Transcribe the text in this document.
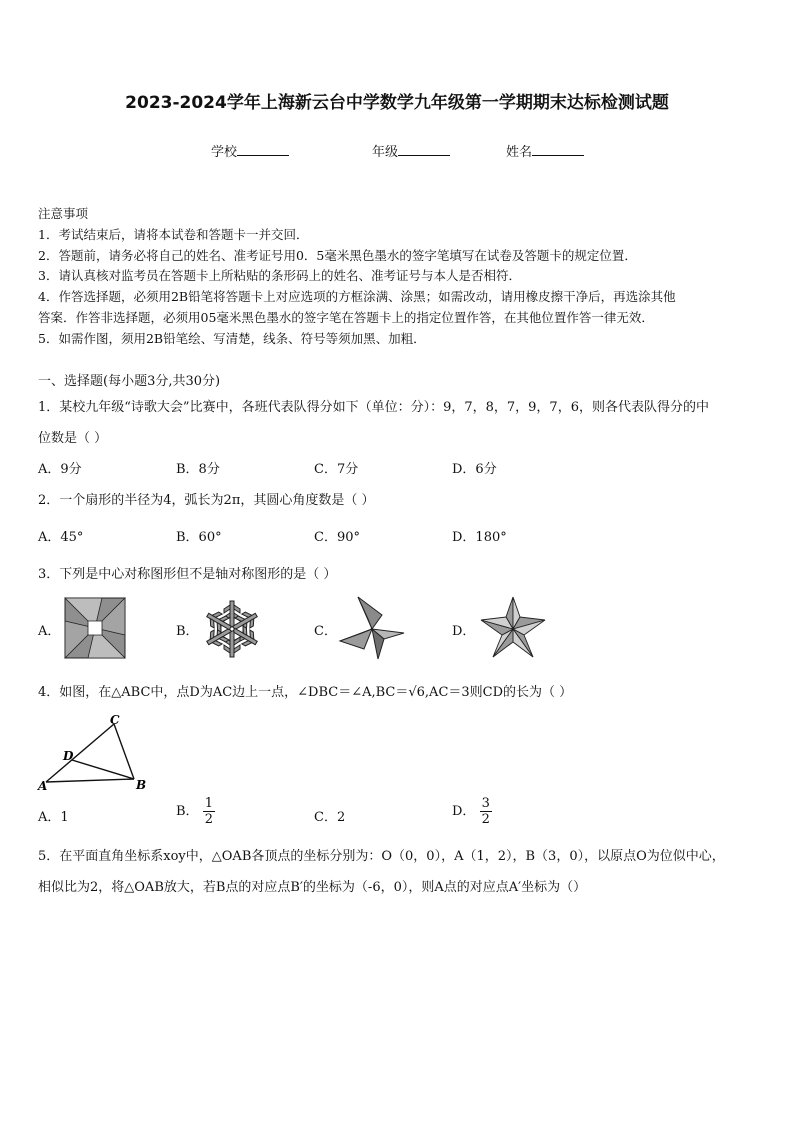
2023-2024学年上海新云台中学数学九年级第一学期期末达标检测试题
学校	年级	姓名
注意事项
1．考试结束后，请将本试卷和答题卡一并交回．
2．答题前，请务必将自己的姓名、准考证号用0．5毫米黑色墨水的签字笔填写在试卷及答题卡的规定位置．
3．请认真核对监考员在答题卡上所粘贴的条形码上的姓名、准考证号与本人是否相符．
4．作答选择题，必须用2B铅笔将答题卡上对应选项的方框涂满、涂黑；如需改动，请用橡皮擦干净后，再选涂其他
答案．作答非选择题，必须用05毫米黑色墨水的签字笔在答题卡上的指定位置作答，在其他位置作答一律无效．
5．如需作图，须用2B铅笔绘、写清楚，线条、符号等须加黑、加粗．
一、选择题(每小题3分,共30分)
1．某校九年级“诗歌大会”比赛中，各班代表队得分如下（单位：分）：9，7，8，7，9，7，6，则各代表队得分的中
位数是（ ）
A．9分	B．8分	C．7分	D．6分
2．一个扇形的半径为4，弧长为2π，其圆心角度数是（ ）
A．45°	B．60°	C．90°	D．180°
3．下列是中心对称图形但不是轴对称图形的是（ ）
A．	B．	C．	D．
4．如图，在△ABC中，点D为AC边上一点，∠DBC＝∠A,BC＝√6,AC＝3则CD的长为（ ）
C
D
A	B
A．1	B． $\frac{1}{2}$	C．2	D． $\frac{3}{2}$
5．在平面直角坐标系xoy中，△OAB各顶点的坐标分别为：O（0，0），A（1，2），B（3，0），以原点O为位似中心，
相似比为2，将△OAB放大，若B点的对应点B′的坐标为（-6，0），则A点的对应点A′坐标为（）
